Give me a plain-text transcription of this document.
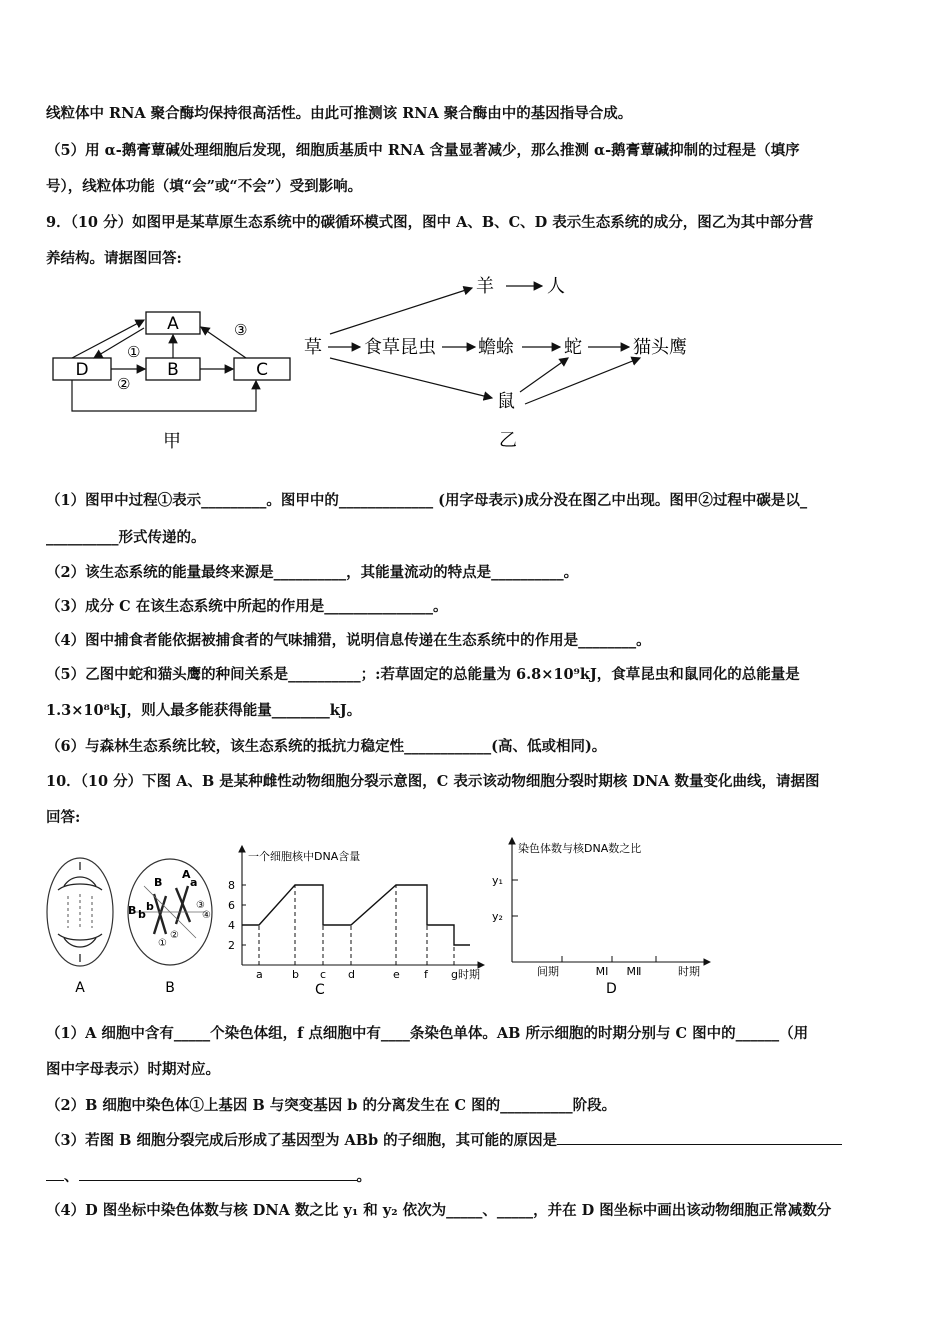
线粒体中 RNA 聚合酶均保持很高活性。由此可推测该 RNA 聚合酶由中的基因指导合成。
（5）用 α-鹅膏蕈碱处理细胞后发现，细胞质基质中 RNA 含量显著减少，那么推测 α-鹅膏蕈碱抑制的过程是（填序
号），线粒体功能（填“会”或“不会”）受到影响。
9．（10 分）如图甲是某草原生态系统中的碳循环模式图，图中 A、B、C、D 表示生态系统的成分，图乙为其中部分营
养结构。请据图回答:
A
B	C
D
①
②
③
甲
羊	人
草 食草昆虫 蟾蜍	蛇	猫头鹰
鼠
乙
（1）图甲中过程①表示_________。图甲中的_____________ (用字母表示)成分没在图乙中出现。图甲②过程中碳是以_
__________形式传递的。
（2）该生态系统的能量最终来源是__________，其能量流动的特点是__________。
（3）成分 C 在该生态系统中所起的作用是_______________。
（4）图中捕食者能依据被捕食者的气味捕猎，说明信息传递在生态系统中的作用是________。
（5）乙图中蛇和猫头鹰的种间关系是__________；:若草固定的总能量为 6.8×10⁹kJ，食草昆虫和鼠同化的总能量是
1.3×10⁸kJ，则人最多能获得能量________kJ。
（6）与森林生态系统比较，该生态系统的抵抗力稳定性____________(高、低或相同)。
10．（10 分）下图 A、B 是某种雌性动物细胞分裂示意图，C 表示该动物细胞分裂时期核 DNA 数量变化曲线，请据图
回答:
A
A
a
B b
b
B
①
②
③
④
B
一个细胞核中DNA含量
时期
C
8
6
4
2
a	b c d	e f g
染色体数与核DNA数之比
y₁
y₂
间期	MⅠ MⅡ	时期
D
（1）A 细胞中含有_____个染色体组，f 点细胞中有____条染色单体。AB 所示细胞的时期分别与 C 图中的______（用
图中字母表示）时期对应。
（2）B 细胞中染色体①上基因 B 与突变基因 b 的分离发生在 C 图的__________阶段。
（3）若图 B 细胞分裂完成后形成了基因型为 ABb 的子细胞，其可能的原因是
、	。
（4）D 图坐标中染色体数与核 DNA 数之比 y₁ 和 y₂ 依次为_____、_____，并在 D 图坐标中画出该动物细胞正常减数分
